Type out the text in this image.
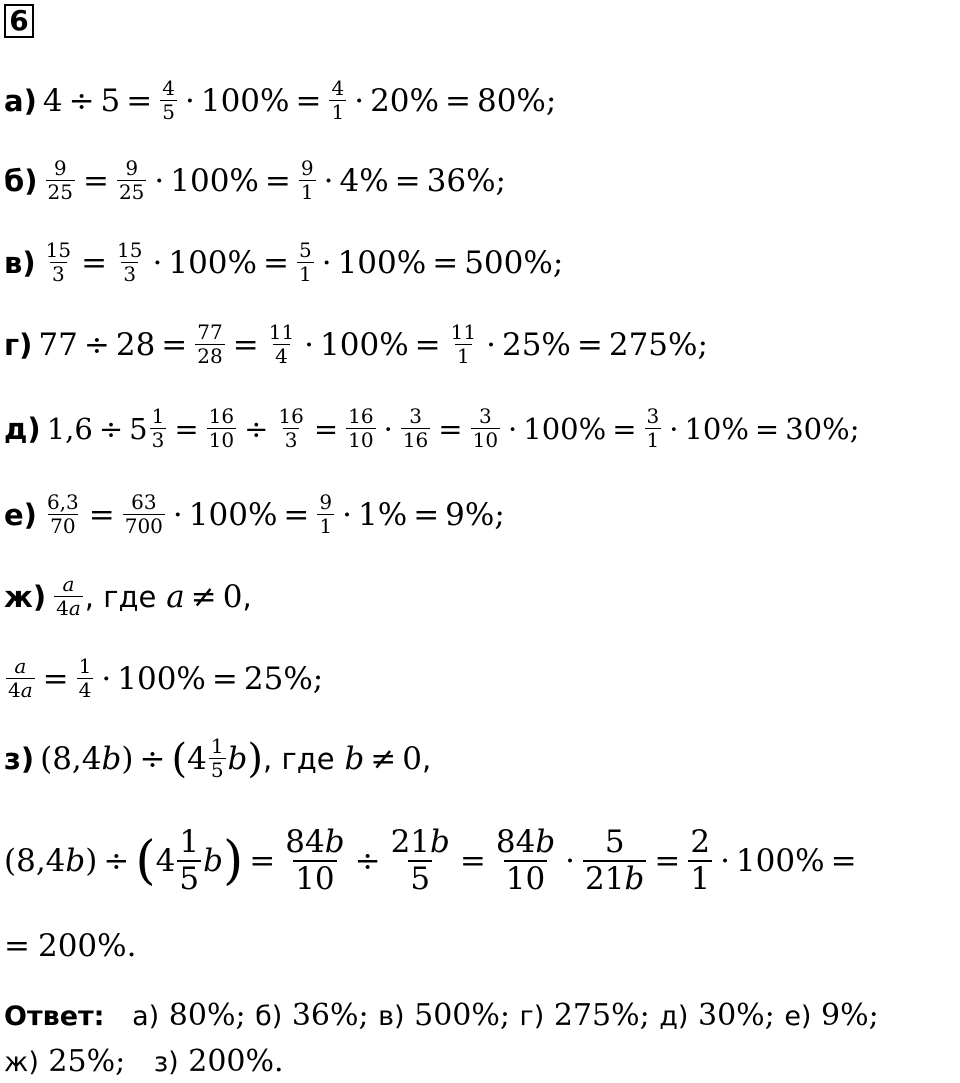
6
а) $4 \div 5 = \frac{4}{5} \cdot 100\% = \frac{4}{1} \cdot 20\% = 80\%$;
$б) \frac{9}{25} = \frac{9}{25} \cdot 100\% = \frac{9}{1} \cdot 4\% = 36\%$;
$в) \frac{15}{3} = \frac{15}{3} \cdot 100\% = \frac{5}{1} \cdot 100\% = 500\%$;
г) $77 \div 28 = \frac{77}{28} = \frac{11}{4} \cdot 100\% = \frac{11}{1} \cdot 25\% = 275\%$;
д) $1,6 \div 5 \frac{1}{3} = \frac{16}{10} \div \frac{16}{3} = \frac{16}{10} \cdot \frac{3}{16} = \frac{3}{10} \cdot 100\% = \frac{3}{1} \cdot 10\% = 30\%$;
$е) \frac{6,3}{70} = \frac{63}{700} \cdot 100\% = \frac{9}{1} \cdot 1\% = 9\%$;
$ж) \frac{a}{4a}$ , где a ≠ 0 ,
$\frac{a}{4a} = \frac{1}{4} \cdot 100\% = 25\%$;
з) (8,4b) ÷ ( $4 \frac{1}{5}$ b ) , где b ≠ 0 ,
(8,4b) ÷ ( $4 \frac{1}{5}$ b ) = $\frac{84b}{10} \div \frac{21b}{5} = \frac{84b}{10} \cdot \frac{5}{21b} = \frac{2}{1} \cdot 100\%$ =
= 200%.
Ответ: а) 80%; б) 36%; в) 500%; г) 275%; д) 30%; е) 9%;
ж) 25%;   з) 200%.
